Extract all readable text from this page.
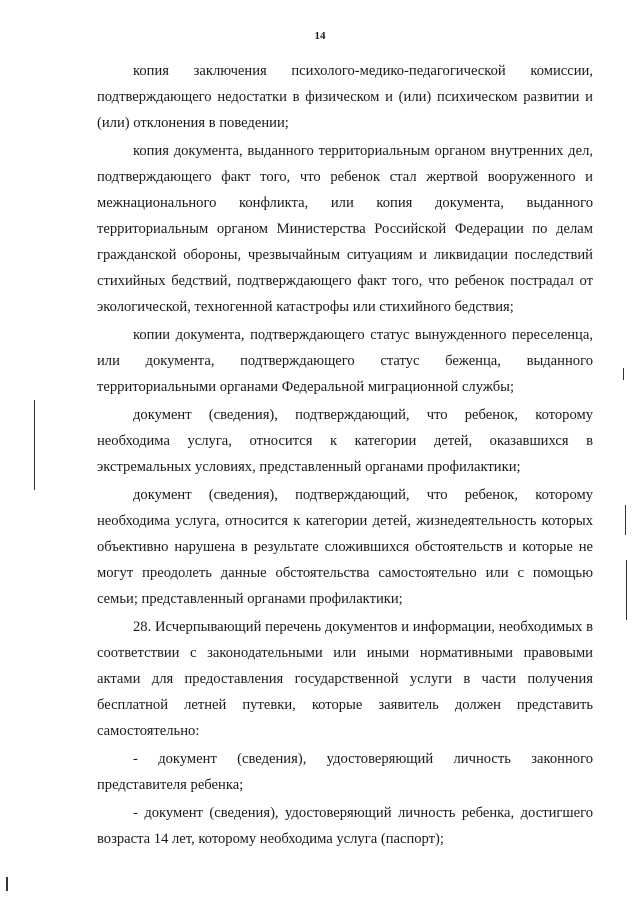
14

копия заключения психолого-медико-педагогической комиссии, подтверждающего недостатки в физическом и (или) психическом развитии и (или) отклонения в поведении;

копия документа, выданного территориальным органом внутренних дел, подтверждающего факт того, что ребенок стал жертвой вооруженного и межнационального конфликта, или копия документа, выданного территориальным органом Министерства Российской Федерации по делам гражданской обороны, чрезвычайным ситуациям и ликвидации последствий стихийных бедствий, подтверждающего факт того, что ребенок пострадал от экологической, техногенной катастрофы или стихийного бедствия;

копии документа, подтверждающего статус вынужденного переселенца, или документа, подтверждающего статус беженца, выданного территориальными органами Федеральной миграционной службы;

документ (сведения), подтверждающий, что ребенок, которому необходима услуга, относится к категории детей, оказавшихся в экстремальных условиях, представленный органами профилактики;

документ (сведения), подтверждающий, что ребенок, которому необходима услуга, относится к категории детей, жизнедеятельность которых объективно нарушена в результате сложившихся обстоятельств и которые не могут преодолеть данные обстоятельства самостоятельно или с помощью семьи; представленный органами профилактики;

28. Исчерпывающий перечень документов и информации, необходимых в соответствии с законодательными или иными нормативными правовыми актами для предоставления государственной услуги в части получения бесплатной летней путевки, которые заявитель должен представить самостоятельно:

- документ (сведения), удостоверяющий личность законного представителя ребенка;

- документ (сведения), удостоверяющий личность ребенка, достигшего возраста 14 лет, которому необходима услуга (паспорт);
